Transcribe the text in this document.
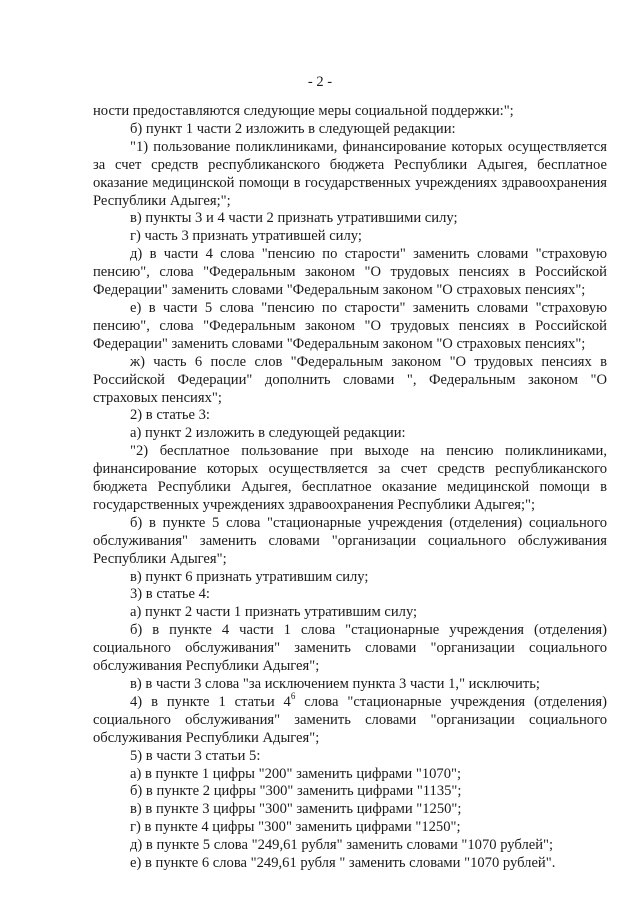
- 2 -

ности предоставляются следующие меры социальной поддержки:";

б) пункт 1 части 2 изложить в следующей редакции:

"1) пользование поликлиниками, финансирование которых осуществляется за счет средств республиканского бюджета Республики Адыгея, бесплатное оказание медицинской помощи в государственных учреждениях здравоохранения Республики Адыгея;";

в) пункты 3 и 4 части 2 признать утратившими силу;

г) часть 3 признать утратившей силу;

д) в части 4 слова "пенсию по старости" заменить словами "страховую пенсию", слова "Федеральным законом "О трудовых пенсиях в Российской Федерации" заменить словами "Федеральным законом "О страховых пенсиях";

е) в части 5 слова "пенсию по старости" заменить словами "страховую пенсию", слова "Федеральным законом "О трудовых пенсиях в Российской Федерации" заменить словами "Федеральным законом "О страховых пенсиях";

ж) часть 6 после слов "Федеральным законом "О трудовых пенсиях в Российской Федерации" дополнить словами ", Федеральным законом "О страховых пенсиях";

2) в статье 3:

а) пункт 2 изложить в следующей редакции:

"2) бесплатное пользование при выходе на пенсию поликлиниками, финансирование которых осуществляется за счет средств республиканского бюджета Республики Адыгея, бесплатное оказание медицинской помощи в государственных учреждениях здравоохранения Республики Адыгея;";

б) в пункте 5 слова "стационарные учреждения (отделения) социального обслуживания" заменить словами "организации социального обслуживания Республики Адыгея";

в) пункт 6 признать утратившим силу;

3) в статье 4:

а) пункт 2 части 1 признать утратившим силу;

б) в пункте 4 части 1 слова "стационарные учреждения (отделения) социального обслуживания" заменить словами "организации социального обслуживания Республики Адыгея";

в) в части 3 слова "за исключением пункта 3 части 1," исключить;

4) в пункте 1 статьи $4^6$ слова "стационарные учреждения (отделения) социального обслуживания" заменить словами "организации социального обслуживания Республики Адыгея";

5) в части 3 статьи 5:

а) в пункте 1 цифры "200" заменить цифрами "1070";

б) в пункте 2 цифры "300" заменить цифрами "1135";

в) в пункте 3 цифры "300" заменить цифрами "1250";

г) в пункте 4 цифры "300" заменить цифрами "1250";

д) в пункте 5 слова "249,61 рубля" заменить словами "1070 рублей";

е) в пункте 6 слова "249,61 рубля " заменить словами "1070 рублей".
